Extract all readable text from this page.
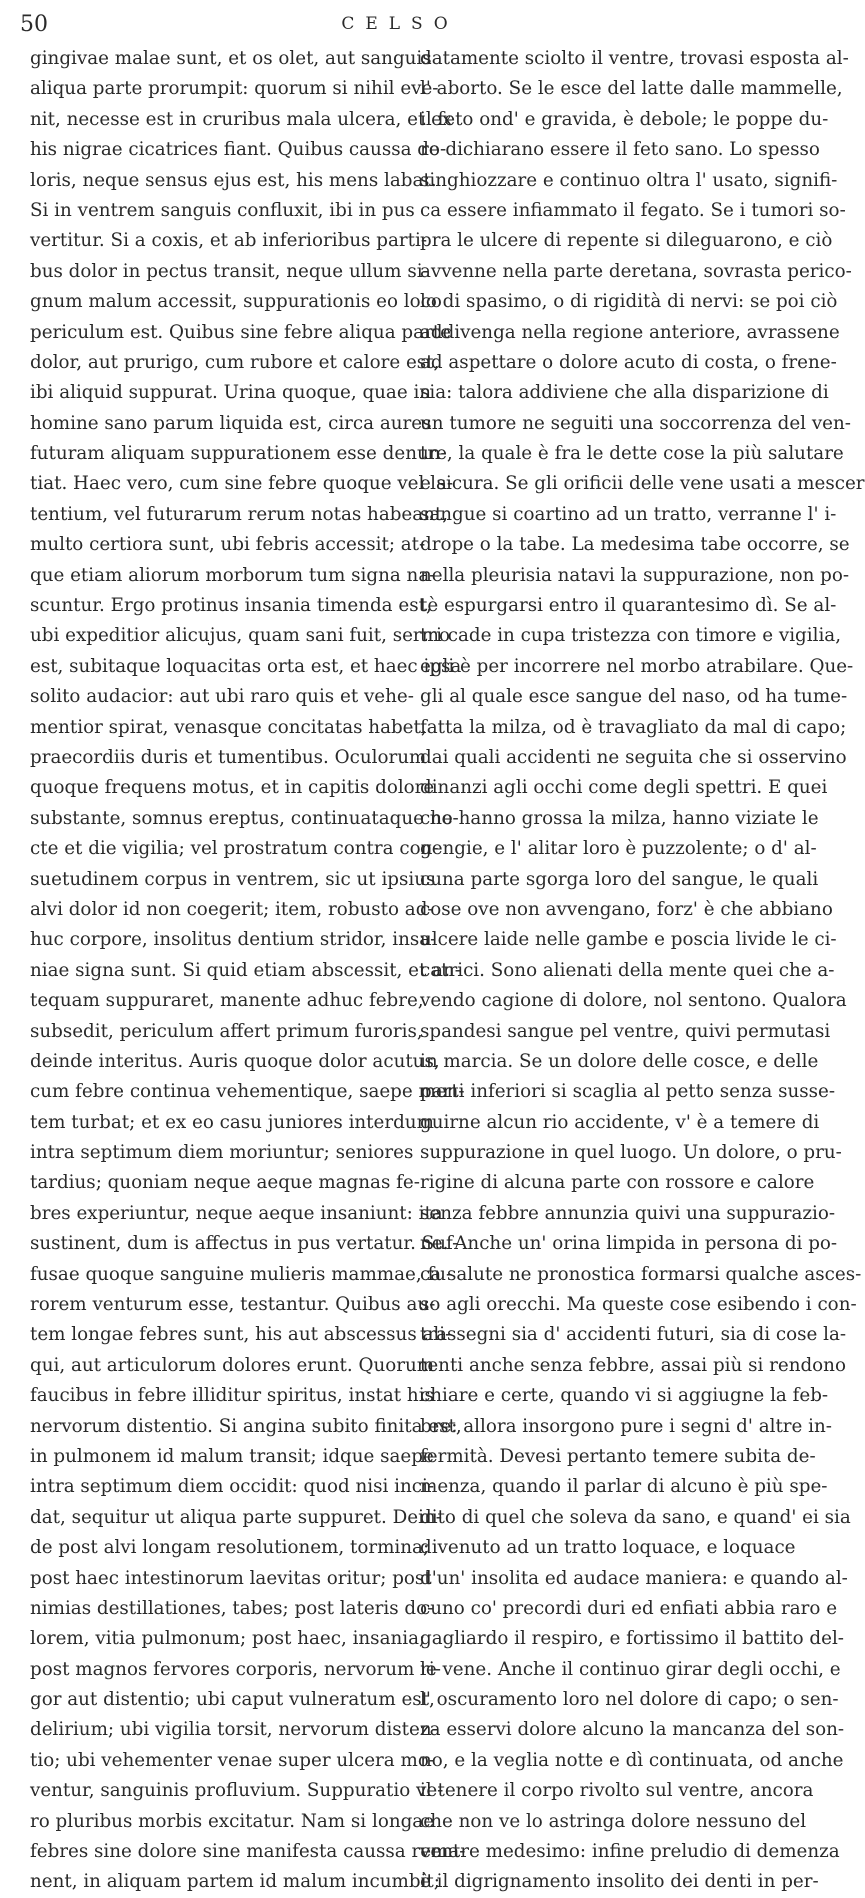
50	CELSO
gingivae malae sunt, et os olet, aut sanguis
aliqua parte prorumpit: quorum si nihil eve-
nit, necesse est in cruribus mala ulcera, et ex
his nigrae cicatrices fiant. Quibus caussa do-
loris, neque sensus ejus est, his mens labat.
Si in ventrem sanguis confluxit, ibi in pus
vertitur. Si a coxis, et ab inferioribus parti-
bus dolor in pectus transit, neque ullum si-
gnum malum accessit, suppurationis eo loco
periculum est. Quibus sine febre aliqua parte
dolor, aut prurigo, cum rubore et calore est,
ibi aliquid suppurat. Urina quoque, quae in
homine sano parum liquida est, circa aures
futuram aliquam suppurationem esse denun-
tiat. Haec vero, cum sine febre quoque vel la-
tentium, vel futurarum rerum notas habeant,
multo certiora sunt, ubi febris accessit; at-
que etiam aliorum morborum tum signa na-
scuntur. Ergo protinus insania timenda est,
ubi expeditior alicujus, quam sani fuit, sermo
est, subitaque loquacitas orta est, et haec ipsa
solito audacior: aut ubi raro quis et vehe-
mentior spirat, venasque concitatas habet,
praecordiis duris et tumentibus. Oculorum
quoque frequens motus, et in capitis dolore
substante, somnus ereptus, continuataque no-
cte et die vigilia; vel prostratum contra con-
suetudinem corpus in ventrem, sic ut ipsius
alvi dolor id non coegerit; item, robusto ad-
huc corpore, insolitus dentium stridor, insa-
niae signa sunt. Si quid etiam abscessit, et an-
tequam suppuraret, manente adhuc febre,
subsedit, periculum affert primum furoris,
deinde interitus. Auris quoque dolor acutus,
cum febre continua vehementique, saepe men-
tem turbat; et ex eo casu juniores interdum
intra septimum diem moriuntur; seniores
tardius; quoniam neque aeque magnas fe-
bres experiuntur, neque aeque insaniunt: ita
sustinent, dum is affectus in pus vertatur. Suf-
fusae quoque sanguine mulieris mammae, fu-
rorem venturum esse, testantur. Quibus au-
tem longae febres sunt, his aut abscessus ali-
qui, aut articulorum dolores erunt. Quorum
faucibus in febre illiditur spiritus, instat his
nervorum distentio. Si angina subito finita est,
in pulmonem id malum transit; idque saepe
intra septimum diem occidit: quod nisi inci-
dat, sequitur ut aliqua parte suppuret. Dein-
de post alvi longam resolutionem, tormina;
post haec intestinorum laevitas oritur; post
nimias destillationes, tabes; post lateris do-
lorem, vitia pulmonum; post haec, insania;
post magnos fervores corporis, nervorum ri-
gor aut distentio; ubi caput vulneratum est,
delirium; ubi vigilia torsit, nervorum disten-
tio; ubi vehementer venae super ulcera mo-
ventur, sanguinis profluvium. Suppuratio ve-
ro pluribus morbis excitatur. Nam si longae
febres sine dolore sine manifesta caussa rema-
nent, in aliquam partem id malum incumbit;
datamente sciolto il ventre, trovasi esposta al-
l' aborto. Se le esce del latte dalle mammelle,
il feto ond' e gravida, è debole; le poppe du-
re dichiarano essere il feto sano. Lo spesso
singhiozzare e continuo oltra l' usato, signifi-
ca essere infiammato il fegato. Se i tumori so-
pra le ulcere di repente si dileguarono, e ciò
avvenne nella parte deretana, sovrasta perico-
lo di spasimo, o di rigidità di nervi: se poi ciò
addivenga nella regione anteriore, avrassene
ad aspettare o dolore acuto di costa, o frene-
sia: talora addiviene che alla disparizione di
un tumore ne seguiti una soccorrenza del ven-
tre, la quale è fra le dette cose la più salutare
e sicura. Se gli orificii delle vene usati a mescer
sangue si coartino ad un tratto, verranne l' i-
drope o la tabe. La medesima tabe occorre, se
nella pleurisia natavi la suppurazione, non po-
tè espurgarsi entro il quarantesimo dì. Se al-
tri cade in cupa tristezza con timore e vigilia,
egli è per incorrere nel morbo atrabilare. Que-
gli al quale esce sangue del naso, od ha tume-
fatta la milza, od è travagliato da mal di capo;
dai quali accidenti ne seguita che si osservino
dinanzi agli occhi come degli spettri. E quei
che hanno grossa la milza, hanno viziate le
gengie, e l' alitar loro è puzzolente; o d' al-
cuna parte sgorga loro del sangue, le quali
cose ove non avvengano, forz' è che abbiano
ulcere laide nelle gambe e poscia livide le ci-
catrici. Sono alienati della mente quei che a-
vendo cagione di dolore, nol sentono. Qualora
spandesi sangue pel ventre, quivi permutasi
in marcia. Se un dolore delle cosce, e delle
parti inferiori si scaglia al petto senza susse-
guirne alcun rio accidente, v' è a temere di
suppurazione in quel luogo. Un dolore, o pru-
rigine di alcuna parte con rossore e calore
senza febbre annunzia quivi una suppurazio-
ne. Anche un' orina limpida in persona di po-
ca salute ne pronostica formarsi qualche asces-
so agli orecchi. Ma queste cose esibendo i con-
trassegni sia d' accidenti futuri, sia di cose la-
tenti anche senza febbre, assai più si rendono
chiare e certe, quando vi si aggiugne la feb-
bre: allora insorgono pure i segni d' altre in-
fermità. Devesi pertanto temere subita de-
menza, quando il parlar di alcuno è più spe-
dito di quel che soleva da sano, e quand' ei sia
divenuto ad un tratto loquace, e loquace
d'un' insolita ed audace maniera: e quando al-
cuno co' precordi duri ed enfiati abbia raro e
gagliardo il respiro, e fortissimo il battito del-
le vene. Anche il continuo girar degli occhi, e
l' oscuramento loro nel dolore di capo; o sen-
za esservi dolore alcuno la mancanza del son-
no, e la veglia notte e dì continuata, od anche
il tenere il corpo rivolto sul ventre, ancora
che non ve lo astringa dolore nessuno del
ventre medesimo: infine preludio di demenza
è il digrignamento insolito dei denti in per-
